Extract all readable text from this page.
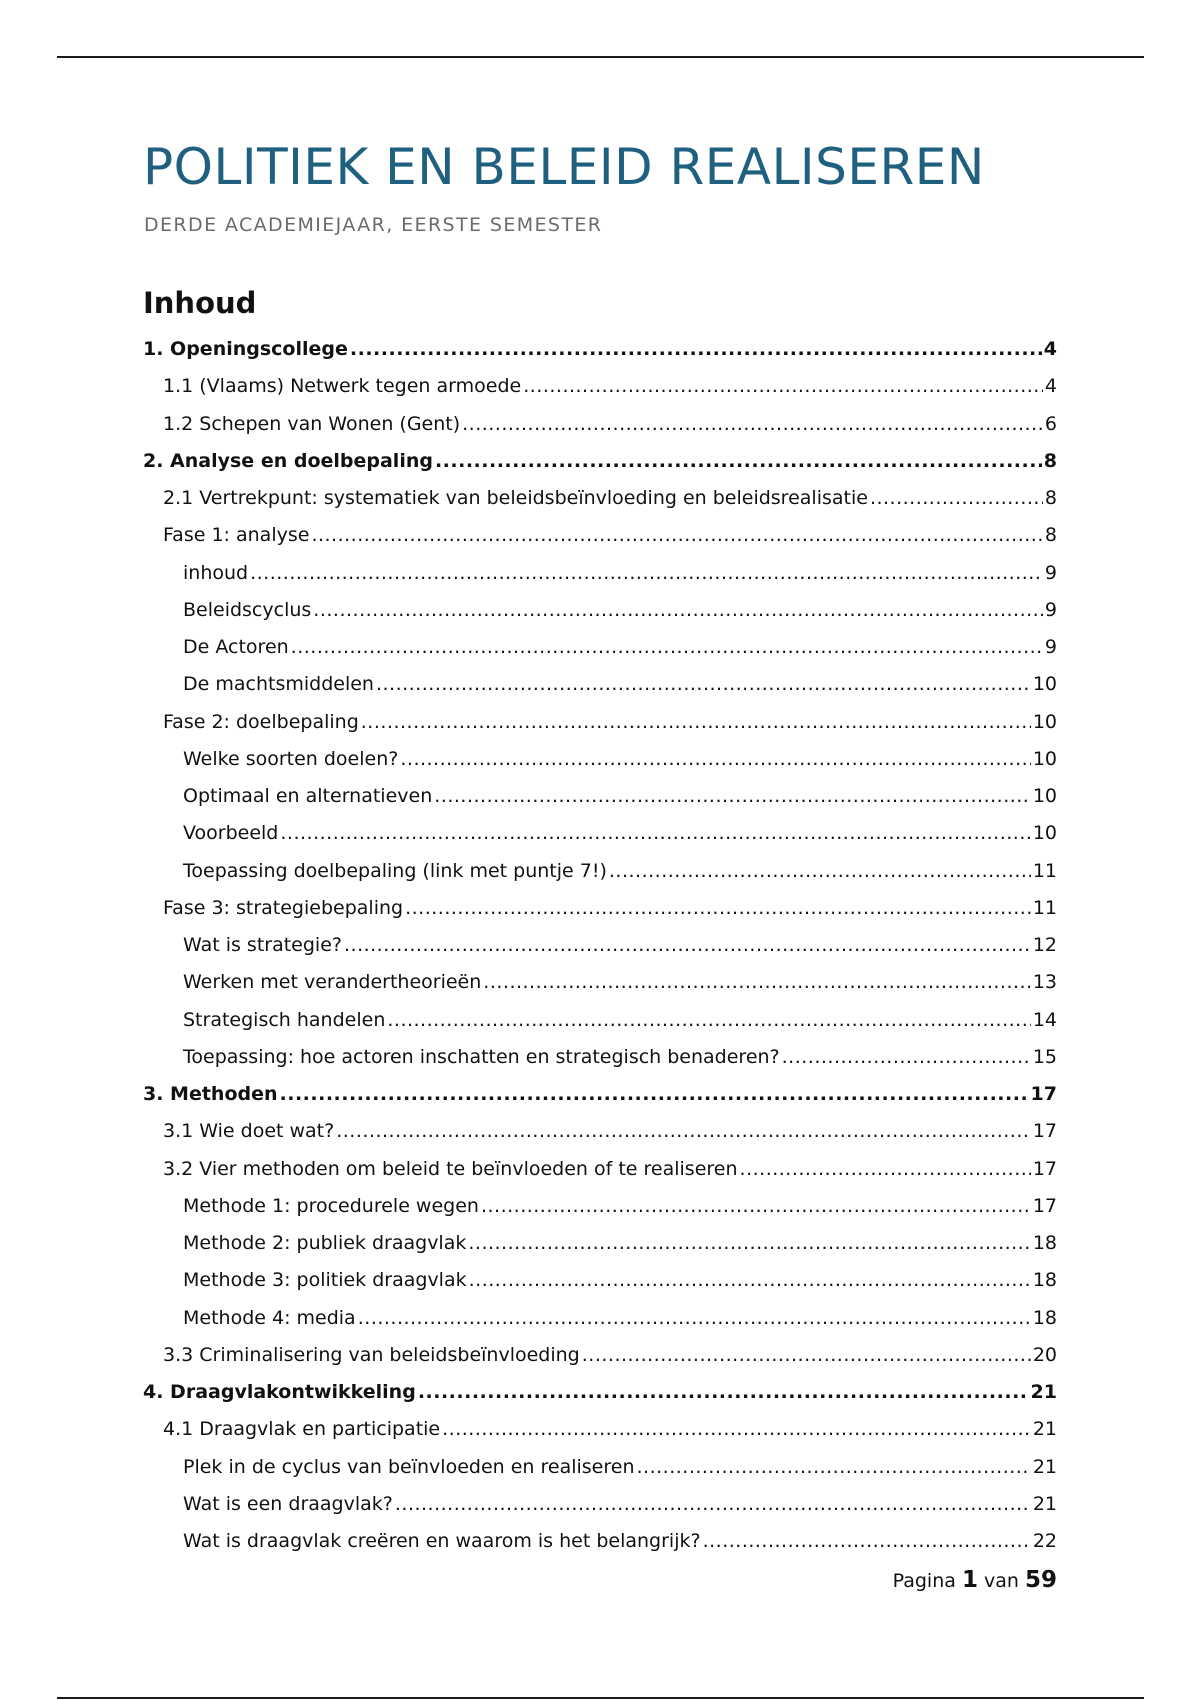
POLITIEK EN BELEID REALISEREN
DERDE ACADEMIEJAAR, EERSTE SEMESTER
Inhoud
1. Openingscollege .....	4
1.1 (Vlaams) Netwerk tegen armoede .....	4
1.2 Schepen van Wonen (Gent) .....	6
2. Analyse en doelbepaling .....	8
2.1 Vertrekpunt: systematiek van beleidsbeïnvloeding en beleidsrealisatie .....	8
Fase 1: analyse .....	8
inhoud .....	9
Beleidscyclus .....	9
De Actoren .....	9
De machtsmiddelen .....	10
Fase 2: doelbepaling .....	10
Welke soorten doelen? .....	10
Optimaal en alternatieven .....	10
Voorbeeld .....	10
Toepassing doelbepaling (link met puntje 7!) .....	11
Fase 3: strategiebepaling .....	11
Wat is strategie? .....	12
Werken met verandertheorieën .....	13
Strategisch handelen .....	14
Toepassing: hoe actoren inschatten en strategisch benaderen? .....	15
3. Methoden .....	17
3.1 Wie doet wat? .....	17
3.2 Vier methoden om beleid te beïnvloeden of te realiseren .....	17
Methode 1: procedurele wegen .....	17
Methode 2: publiek draagvlak .....	18
Methode 3: politiek draagvlak .....	18
Methode 4: media .....	18
3.3 Criminalisering van beleidsbeïnvloeding .....	20
4. Draagvlakontwikkeling .....	21
4.1 Draagvlak en participatie .....	21
Plek in de cyclus van beïnvloeden en realiseren .....	21
Wat is een draagvlak? .....	21
Wat is draagvlak creëren en waarom is het belangrijk? .....	22
Pagina 1 van 59
